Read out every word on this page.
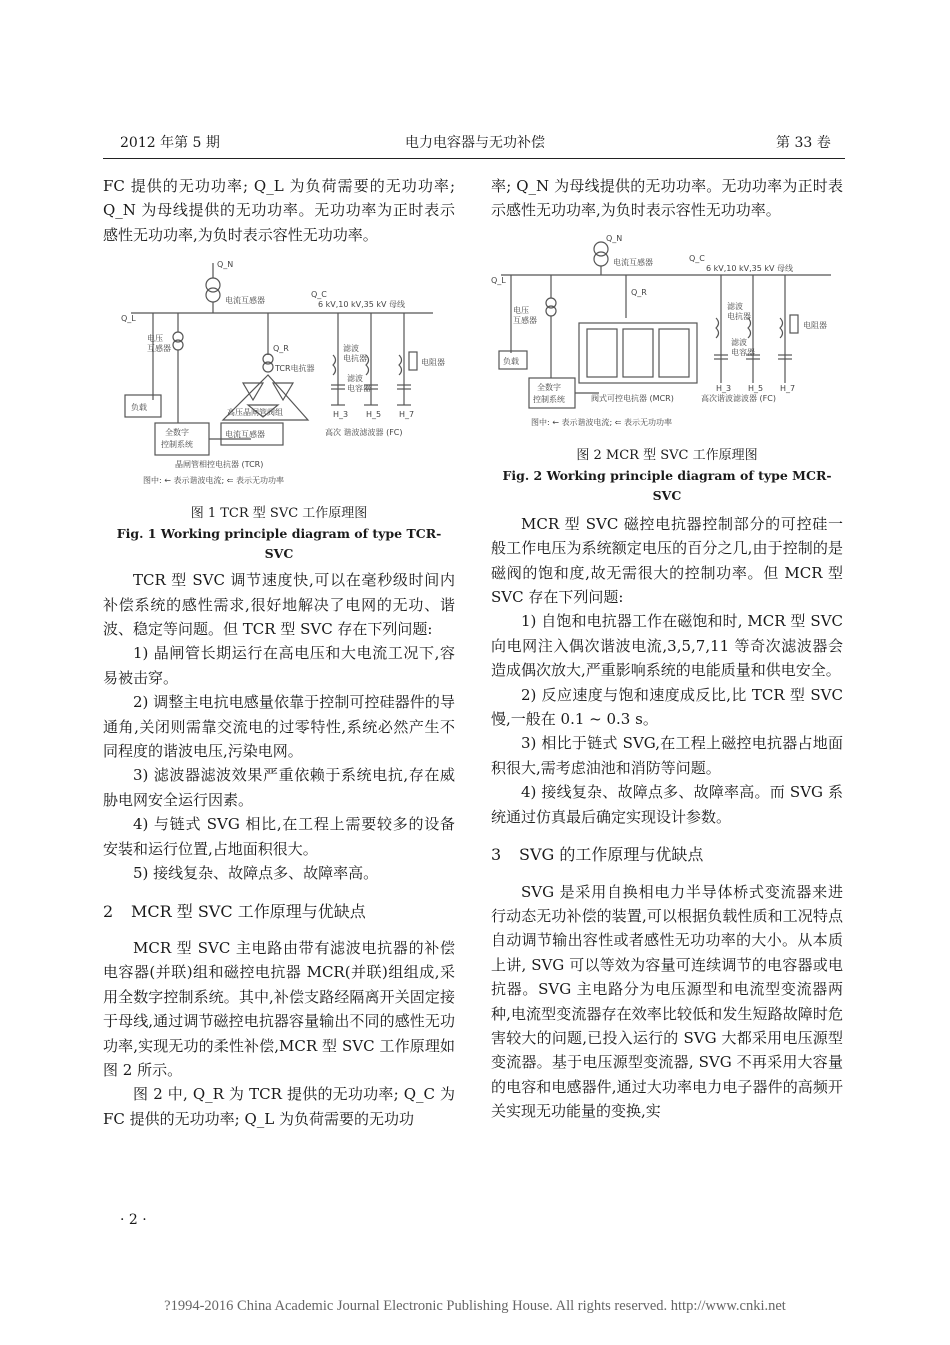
2012 年第 5 期	电力电容器与无功补偿	第 33 卷

FC 提供的无功功率; Q_L 为负荷需要的无功功率; Q_N 为母线提供的无功功率。无功功率为正时表示感性无功功率,为负时表示容性无功功率。

Q_N
电流互感器
Q_C
6 kV,10 kV,35 kV 母线
Q_L
电压
互感器	Q_R
TCR电抗器
滤波
电抗器
滤波
电容器
电阻器
H_3 H_5 H_7
负载
高压晶闸管阀组
全数字
控制系统
电流互感器	高次 谐波滤波器 (FC)
晶闸管相控电抗器 (TCR)
图中: ← 表示谐波电流; ⇐ 表示无功功率
图 1 TCR 型 SVC 工作原理图
Fig. 1 Working principle diagram of type TCR-SVC

TCR 型 SVC 调节速度快,可以在毫秒级时间内补偿系统的感性需求,很好地解决了电网的无功、谐波、稳定等问题。但 TCR 型 SVC 存在下列问题:

1) 晶闸管长期运行在高电压和大电流工况下,容易被击穿。

2) 调整主电抗电感量依靠于控制可控硅器件的导通角,关闭则需靠交流电的过零特性,系统必然产生不同程度的谐波电压,污染电网。

3) 滤波器滤波效果严重依赖于系统电抗,存在威胁电网安全运行因素。

4) 与链式 SVG 相比,在工程上需要较多的设备安装和运行位置,占地面积很大。

5) 接线复杂、故障点多、故障率高。

2 MCR 型 SVC 工作原理与优缺点

MCR 型 SVC 主电路由带有滤波电抗器的补偿电容器(并联)组和磁控电抗器 MCR(并联)组组成,采用全数字控制系统。其中,补偿支路经隔离开关固定接于母线,通过调节磁控电抗器容量输出不同的感性无功功率,实现无功的柔性补偿,MCR 型 SVC 工作原理如图 2 所示。

图 2 中, Q_R 为 TCR 提供的无功功率; Q_C 为 FC 提供的无功功率; Q_L 为负荷需要的无功功

· 2 ·

率; Q_N 为母线提供的无功功率。无功功率为正时表示感性无功功率,为负时表示容性无功功率。

Q_N
电流互感器	Q_C
6 kV,10 kV,35 kV 母线
Q_L
Q_R
电压
互感器
滤波
电抗器
滤波
电容器
电阻器
负载
全数字
控制系统	阀式可控电抗器 (MCR)	高次谐波滤波器 (FC)
H_3 H_5 H_7
图中: ← 表示谐波电流; ⇐ 表示无功功率
图 2 MCR 型 SVC 工作原理图
Fig. 2 Working principle diagram of type MCR-SVC

MCR 型 SVC 磁控电抗器控制部分的可控硅一般工作电压为系统额定电压的百分之几,由于控制的是磁阀的饱和度,故无需很大的控制功率。但 MCR 型 SVC 存在下列问题:

1) 自饱和电抗器工作在磁饱和时, MCR 型 SVC 向电网注入偶次谐波电流,3,5,7,11 等奇次滤波器会造成偶次放大,严重影响系统的电能质量和供电安全。

2) 反应速度与饱和速度成反比,比 TCR 型 SVC 慢,一般在 0.1 ~ 0.3 s。

3) 相比于链式 SVG,在工程上磁控电抗器占地面积很大,需考虑油池和消防等问题。

4) 接线复杂、故障点多、故障率高。而 SVG 系统通过仿真最后确定实现设计参数。

3 SVG 的工作原理与优缺点

SVG 是采用自换相电力半导体桥式变流器来进行动态无功补偿的装置,可以根据负载性质和工况特点自动调节输出容性或者感性无功功率的大小。从本质上讲, SVG 可以等效为容量可连续调节的电容器或电抗器。SVG 主电路分为电压源型和电流型变流器两种,电流型变流器存在效率比较低和发生短路故障时危害较大的问题,已投入运行的 SVG 大都采用电压源型变流器。基于电压源型变流器, SVG 不再采用大容量的电容和电感器件,通过大功率电力电子器件的高频开关实现无功能量的变换,实

?1994-2016 China Academic Journal Electronic Publishing House. All rights reserved. http://www.cnki.net
